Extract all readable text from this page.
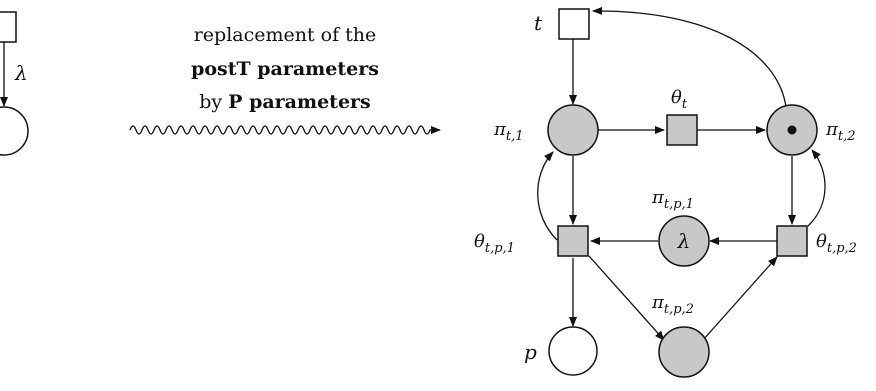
λ
replacement of the
postT parameters
by P parameters
t
$\pi_{t,1}$
$\theta_t$
$\pi_{t,2}$
$\theta_{t,p,1}$	λ
$\pi_{t,p,1}$
$\theta_{t,p,2}$
p
$\pi_{t,p,2}$
